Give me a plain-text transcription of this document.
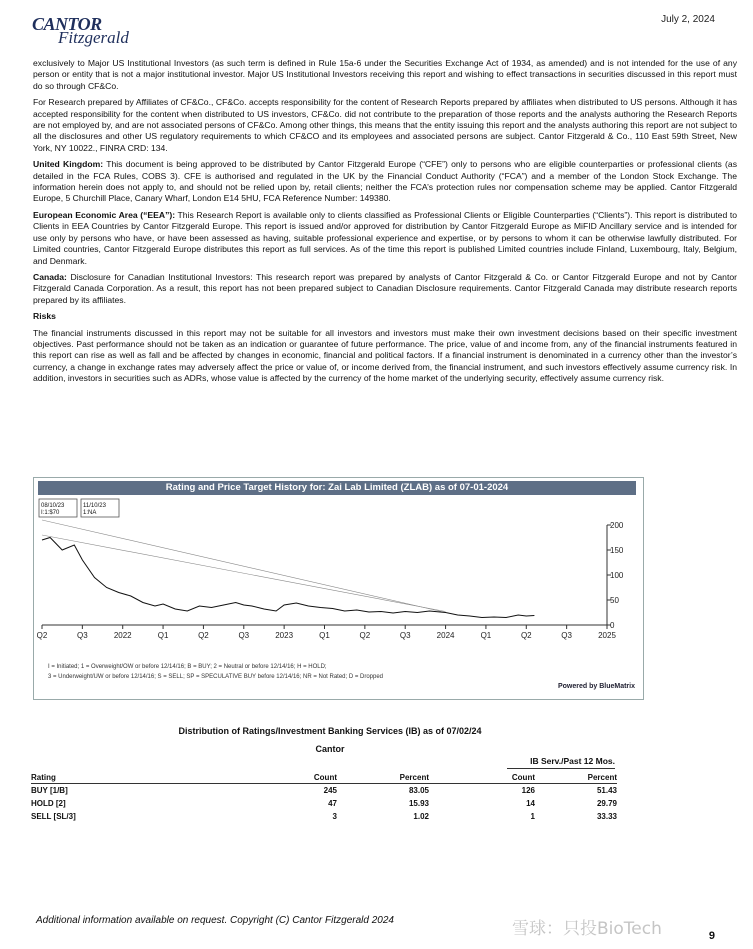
CANTOR
Fitzgerald
July 2, 2024

exclusively to Major US Institutional Investors (as such term is defined in Rule 15a-6 under the Securities Exchange Act of 1934, as amended) and is not intended for the use of any person or entity that is not a major institutional investor. Major US Institutional Investors receiving this report and wishing to effect transactions in securities discussed in this report must do so through CF&Co.

For Research prepared by Affiliates of CF&Co., CF&Co. accepts responsibility for the content of Research Reports prepared by affiliates when distributed to US persons. Although it has accepted responsibility for the content when distributed to US investors, CF&Co. did not contribute to the preparation of those reports and the analysts authoring the Research Reports are not employed by, and are not associated persons of CF&Co. Among other things, this means that the entity issuing this report and the analysts authoring this report are not subject to all the disclosures and other US regulatory requirements to which CF&CO and its employees and associated persons are subject. Cantor Fitzgerald & Co., 110 East 59th Street, New York, NY 10022., FINRA CRD: 134.

United Kingdom: This document is being approved to be distributed by Cantor Fitzgerald Europe (“CFE”) only to persons who are eligible counterparties or professional clients (as detailed in the FCA Rules, COBS 3). CFE is authorised and regulated in the UK by the Financial Conduct Authority (“FCA”) and a member of the London Stock Exchange. The information herein does not apply to, and should not be relied upon by, retail clients; neither the FCA’s protection rules nor compensation scheme may be applied. Cantor Fitzgerald Europe, 5 Churchill Place, Canary Wharf, London E14 5HU, FCA Reference Number: 149380.

European Economic Area (“EEA”): This Research Report is available only to clients classified as Professional Clients or Eligible Counterparties (“Clients”). This report is distributed to Clients in EEA Countries by Cantor Fitzgerald Europe. This report is issued and/or approved for distribution by Cantor Fitzgerald Europe as MiFID Ancillary service and is intended for use only by persons who have, or have been assessed as having, suitable professional experience and expertise, or by persons to whom it can be otherwise lawfully distributed. For Limited countries, Cantor Fitzgerald Europe distributes this report as full services. As of the time this report is published Limited countries include Finland, Luxembourg, Italy, Belgium, and Denmark.

Canada: Disclosure for Canadian Institutional Investors: This research report was prepared by analysts of Cantor Fitzgerald & Co. or Cantor Fitzgerald Europe and not by Cantor Fitzgerald Canada Corporation. As a result, this report has not been prepared subject to Canadian Disclosure requirements. Cantor Fitzgerald Canada may distribute research reports prepared by its affiliates.

Risks

The financial instruments discussed in this report may not be suitable for all investors and investors must make their own investment decisions based on their specific investment objectives. Past performance should not be taken as an indication or guarantee of future performance. The price, value of and income from, any of the financial instruments featured in this report can rise as well as fall and be affected by changes in economic, financial and political factors. If a financial instrument is denominated in a currency other than the investor’s currency, a change in exchange rates may adversely affect the price or value of, or income derived from, the financial instrument, and such investors effectively assume currency risk. In addition, investors in securities such as ADRs, whose value is affected by the currency of the home market of the underlying security, effectively assume currency risk.

Rating and Price Target History for: Zai Lab Limited (ZLAB) as of 07-01-2024
200
150
100
50
0
Q2	Q3	2022	Q1	Q2	Q3	2023	Q1	Q2	Q3	2024	Q1	Q2	Q3	2025
08/10/23
I:1:$70
11/10/23
1:NA
I = Initiated; 1 = Overweight/OW or before 12/14/16; B = BUY; 2 = Neutral or before 12/14/16; H = HOLD;
3 = Underweight/UW or before 12/14/16; S = SELL; SP = SPECULATIVE BUY before 12/14/16; NR = Not Rated; D = Dropped
Powered by BlueMatrix
Distribution of Ratings/Investment Banking Services (IB) as of 07/02/24
Cantor
IB Serv./Past 12 Mos.

Rating	Count	Percent	Count	Percent
BUY [1/B]	245	83.05	126	51.43
HOLD [2]	47	15.93	14	29.79
SELL [SL/3]	3	1.02	1	33.33
Additional information available on request. Copyright (C) Cantor Fitzgerald 2024	雪球：只投BioTech	9
